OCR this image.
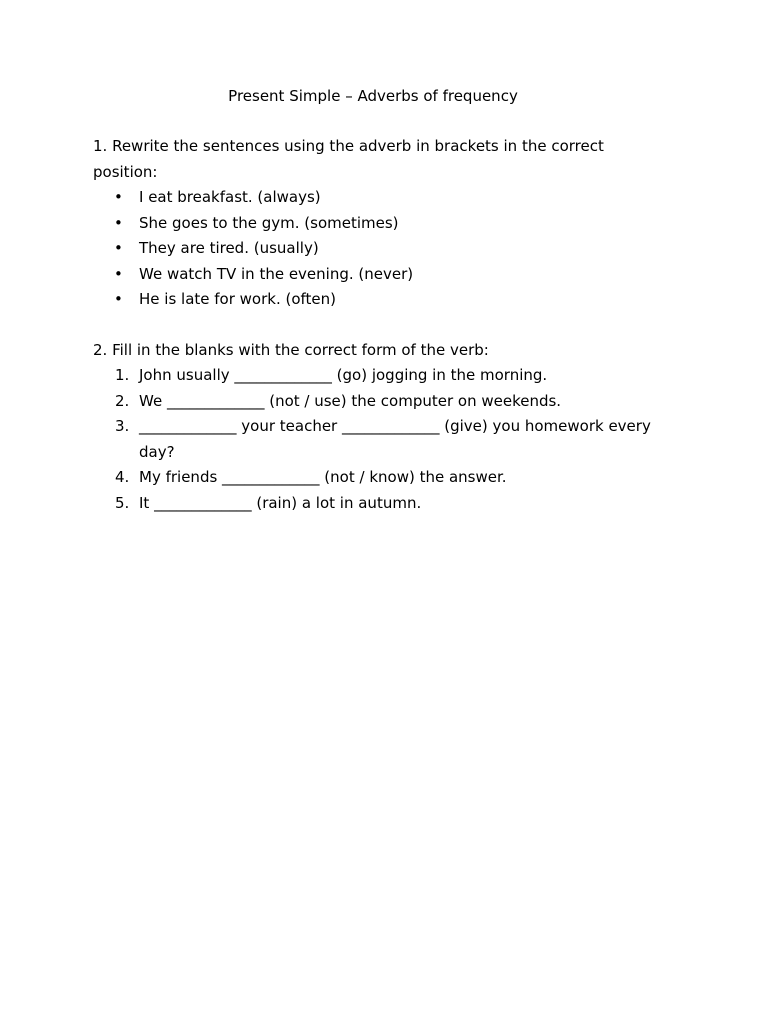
Present Simple – Adverbs of frequency

1. Rewrite the sentences using the adverb in brackets in the correct position:

• I eat breakfast. (always)
• She goes to the gym. (sometimes)
• They are tired. (usually)
• We watch TV in the evening. (never)
• He is late for work. (often)

2. Fill in the blanks with the correct form of the verb:

1. John usually _____________ (go) jogging in the morning.
2. We _____________ (not / use) the computer on weekends.
3. _____________ your teacher _____________ (give) you homework every day?
4. My friends _____________ (not / know) the answer.
5. It _____________ (rain) a lot in autumn.
